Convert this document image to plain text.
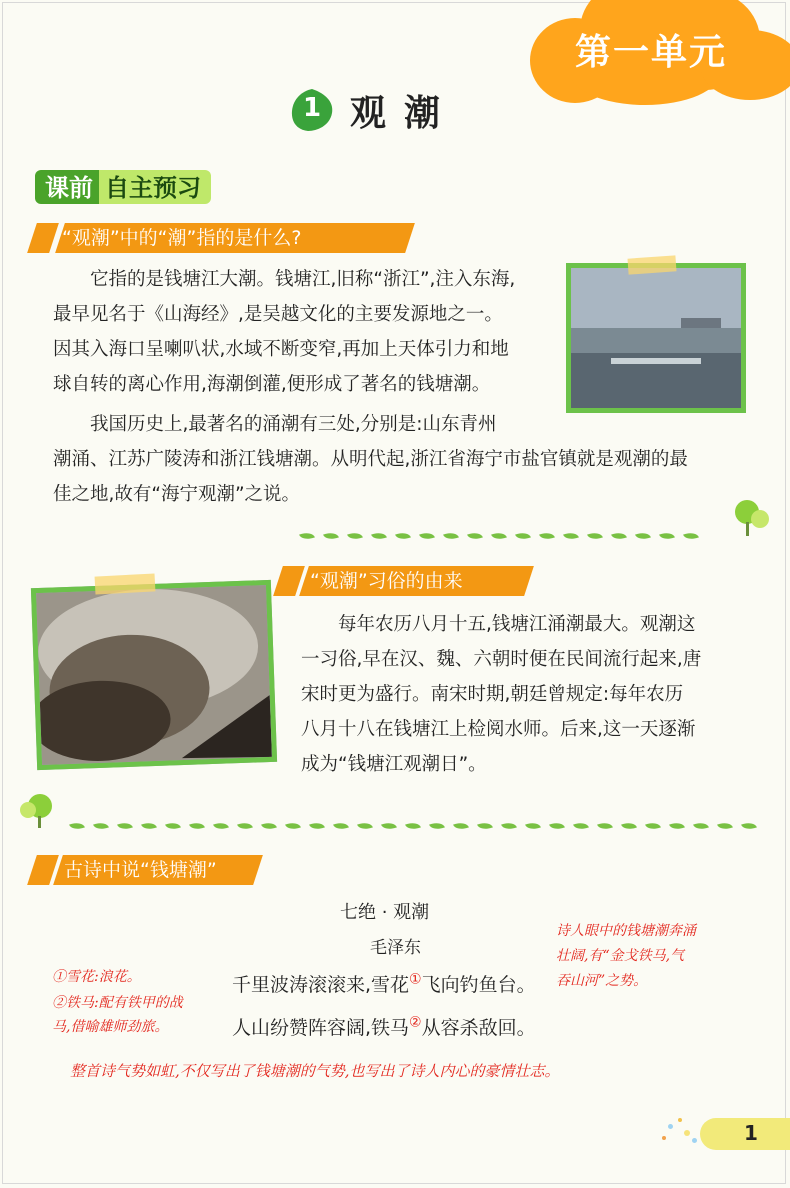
第一单元
1 观潮
课前 自主预习
“观潮”中的“潮”指的是什么?

它指的是钱塘江大潮。钱塘江,旧称“浙江”,注入东海,

最早见名于《山海经》,是吴越文化的主要发源地之一。

因其入海口呈喇叭状,水域不断变窄,再加上天体引力和地

球自转的离心作用,海潮倒灌,便形成了著名的钱塘潮。

我国历史上,最著名的涌潮有三处,分别是:山东青州

潮涌、江苏广陵涛和浙江钱塘潮。从明代起,浙江省海宁市盐官镇就是观潮的最

佳之地,故有“海宁观潮”之说。

“观潮”习俗的由来

每年农历八月十五,钱塘江涌潮最大。观潮这

一习俗,早在汉、魏、六朝时便在民间流行起来,唐

宋时更为盛行。南宋时期,朝廷曾规定:每年农历

八月十八在钱塘江上检阅水师。后来,这一天逐渐

成为“钱塘江观潮日”。

古诗中说“钱塘潮”
七绝 · 观潮
毛泽东
千里波涛滚滚来,雪花①飞向钓鱼台。
人山纷赞阵容阔,铁马②从容杀敌回。
①雪花:浪花。
②铁马:配有铁甲的战
马,借喻雄师劲旅。
诗人眼中的钱塘潮奔涌
壮阔,有“金戈铁马,气
吞山河”之势。
整首诗气势如虹,不仅写出了钱塘潮的气势,也写出了诗人内心的豪情壮志。
1
